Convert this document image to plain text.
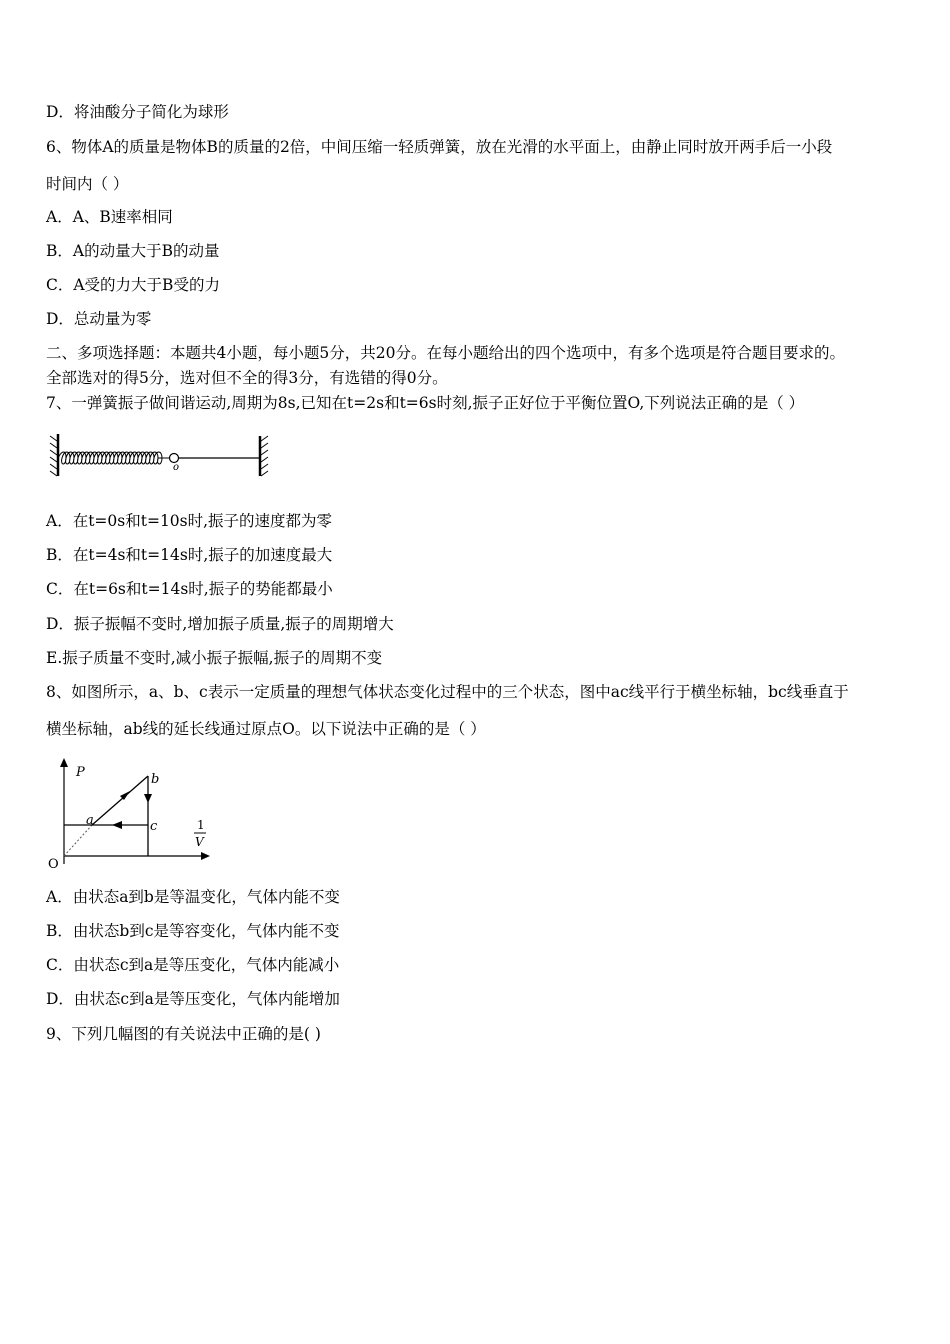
D．将油酸分子简化为球形
6、物体A的质量是物体B的质量的2倍，中间压缩一轻质弹簧，放在光滑的水平面上，由静止同时放开两手后一小段
时间内（ ）
A．A、B速率相同
B．A的动量大于B的动量
C．A受的力大于B受的力
D．总动量为零
二、多项选择题：本题共4小题，每小题5分，共20分。在每小题给出的四个选项中，有多个选项是符合题目要求的。
全部选对的得5分，选对但不全的得3分，有选错的得0分。
7、一弹簧振子做间谐运动,周期为8s,已知在t=2s和t=6s时刻,振子正好位于平衡位置O,下列说法正确的是（ ）
o
A．在t=0s和t=10s时,振子的速度都为零
B．在t=4s和t=14s时,振子的加速度最大
C．在t=6s和t=14s时,振子的势能都最小
D．振子振幅不变时,增加振子质量,振子的周期增大
E.振子质量不变时,减小振子振幅,振子的周期不变
8、如图所示，a、b、c表示一定质量的理想气体状态变化过程中的三个状态，图中ac线平行于横坐标轴，bc线垂直于
横坐标轴，ab线的延长线通过原点O。以下说法中正确的是（ ）
P	b
a	c	1
V
O
A．由状态a到b是等温变化，气体内能不变
B．由状态b到c是等容变化，气体内能不变
C．由状态c到a是等压变化，气体内能减小
D．由状态c到a是等压变化，气体内能增加
9、下列几幅图的有关说法中正确的是( )
